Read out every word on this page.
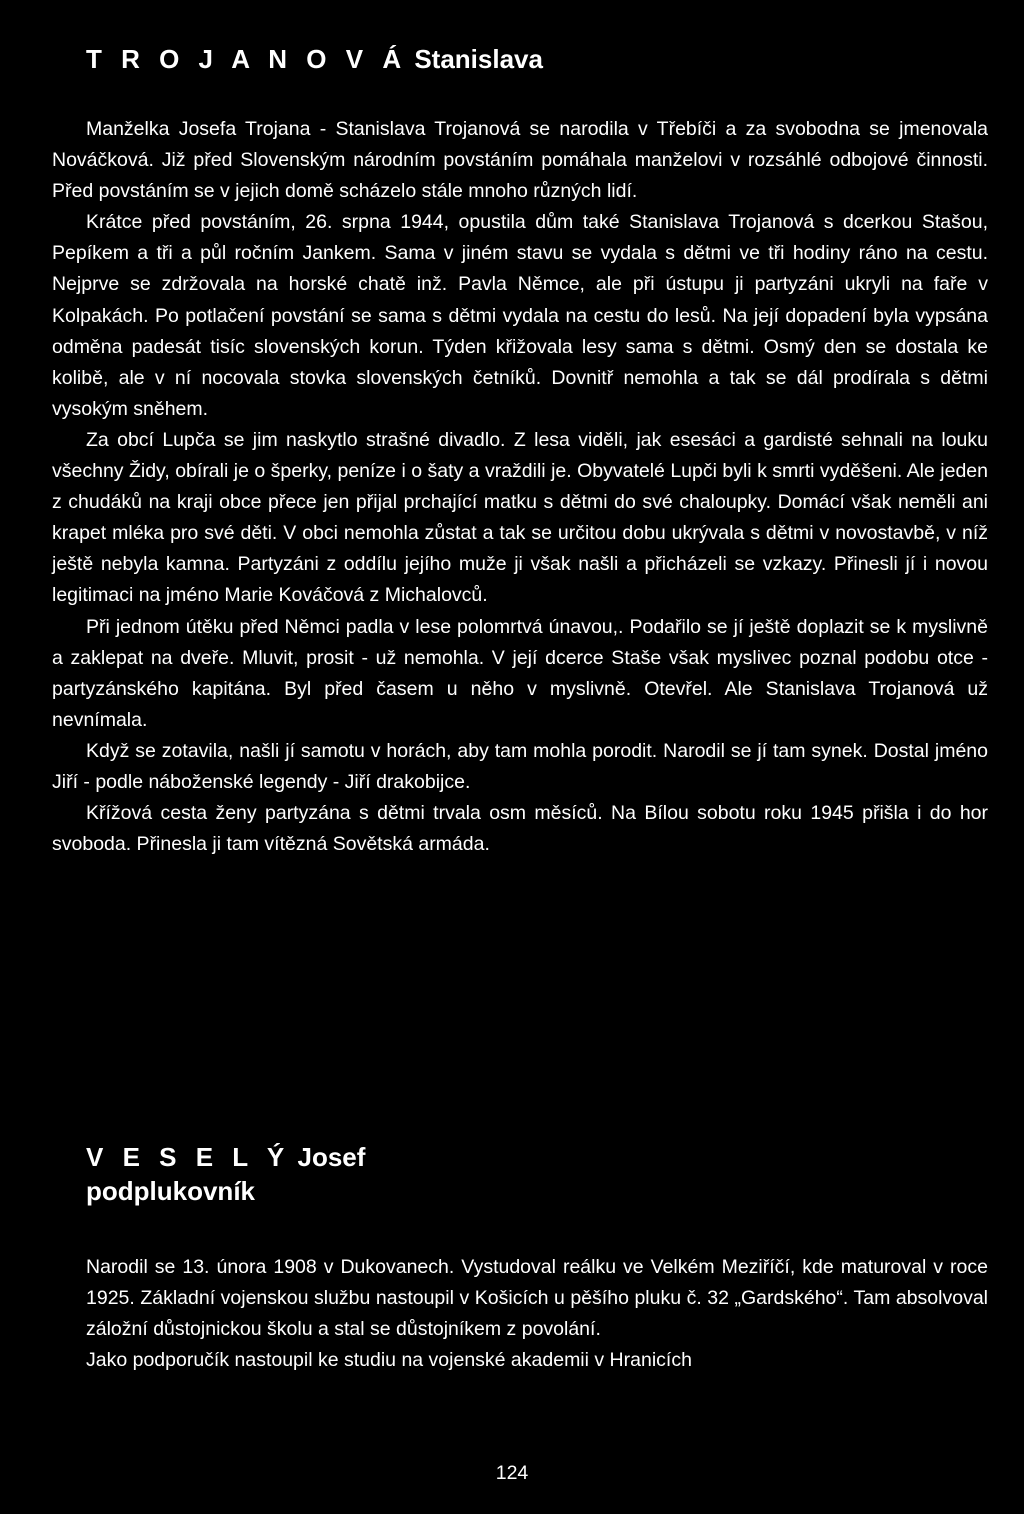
T R O J A N O V Á Stanislava

Manželka Josefa Trojana - Stanislava Trojanová se narodila v Třebíči a za svobodna se jmenovala Nováčková. Již před Slovenským národním povstáním pomáhala manželovi v rozsáhlé odbojové činnosti. Před povstáním se v jejich domě scházelo stále mnoho různých lidí.

Krátce před povstáním, 26. srpna 1944, opustila dům také Stanislava Trojanová s dcerkou Stašou, Pepíkem a tři a půl ročním Jankem. Sama v jiném stavu se vydala s dětmi ve tři hodiny ráno na cestu. Nejprve se zdržovala na horské chatě inž. Pavla Němce, ale při ústupu ji partyzáni ukryli na faře v Kolpakách. Po potlačení povstání se sama s dětmi vydala na cestu do lesů. Na její dopadení byla vypsána odměna padesát tisíc slovenských korun. Týden křižovala lesy sama s dětmi. Osmý den se dostala ke kolibě, ale v ní nocovala stovka slovenských četníků. Dovnitř nemohla a tak se dál prodírala s dětmi vysokým sněhem.

Za obcí Lupča se jim naskytlo strašné divadlo. Z lesa viděli, jak esesáci a gardisté sehnali na louku všechny Židy, obírali je o šperky, peníze i o šaty a vraždili je. Obyvatelé Lupči byli k smrti vyděšeni. Ale jeden z chudáků na kraji obce přece jen přijal prchající matku s dětmi do své chaloupky. Domácí však neměli ani krapet mléka pro své děti. V obci nemohla zůstat a tak se určitou dobu ukrývala s dětmi v novostavbě, v níž ještě nebyla kamna. Partyzáni z oddílu jejího muže ji však našli a přicházeli se vzkazy. Přinesli jí i novou legitimaci na jméno Marie Kováčová z Michalovců.

Při jednom útěku před Němci padla v lese polomrtvá únavou,. Podařilo se jí ještě doplazit se k myslivně a zaklepat na dveře. Mluvit, prosit - už nemohla. V její dcerce Staše však myslivec poznal podobu otce - partyzánského kapitána. Byl před časem u něho v myslivně. Otevřel. Ale Stanislava Trojanová už nevnímala.

Když se zotavila, našli jí samotu v horách, aby tam mohla porodit. Narodil se jí tam synek. Dostal jméno Jiří - podle náboženské legendy - Jiří drakobijce.

Křížová cesta ženy partyzána s dětmi trvala osm měsíců. Na Bílou sobotu roku 1945 přišla i do hor svoboda. Přinesla ji tam vítězná Sovětská armáda.

V E S E L Ý Josef
podplukovník

Narodil se 13. února 1908 v Dukovanech. Vystudoval reálku ve Velkém Meziříčí, kde maturoval v roce 1925. Základní vojenskou službu nastoupil v Košicích u pěšího pluku č. 32 „Gardského“. Tam absolvoval záložní důstojnickou školu a stal se důstojníkem z povolání.

Jako podporučík nastoupil ke studiu na vojenské akademii v Hranicích

124
